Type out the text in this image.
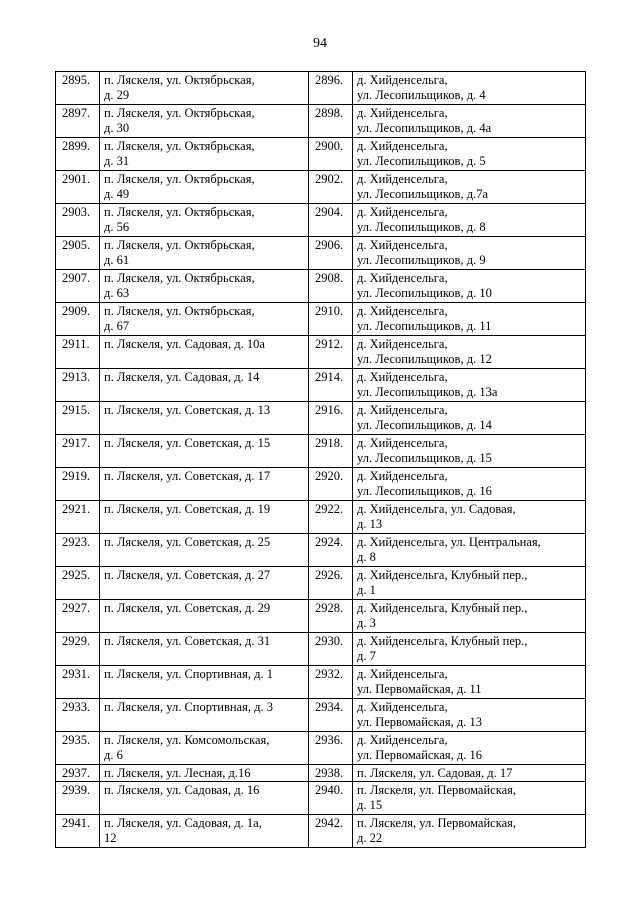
94
2895.	п. Ляскеля, ул. Октябрьская,
д. 29	2896.	д. Хийденсельга,
ул. Лесопильщиков, д. 4
2897.	п. Ляскеля, ул. Октябрьская,
д. 30	2898.	д. Хийденсельга,
ул. Лесопильщиков, д. 4а
2899.	п. Ляскеля, ул. Октябрьская,
д. 31	2900.	д. Хийденсельга,
ул. Лесопильщиков, д. 5
2901.	п. Ляскеля, ул. Октябрьская,
д. 49	2902.	д. Хийденсельга,
ул. Лесопильщиков, д.7а
2903.	п. Ляскеля, ул. Октябрьская,
д. 56	2904.	д. Хийденсельга,
ул. Лесопильщиков, д. 8
2905.	п. Ляскеля, ул. Октябрьская,
д. 61	2906.	д. Хийденсельга,
ул. Лесопильщиков, д. 9
2907.	п. Ляскеля, ул. Октябрьская,
д. 63	2908.	д. Хийденсельга,
ул. Лесопильщиков, д. 10
2909.	п. Ляскеля, ул. Октябрьская,
д. 67	2910.	д. Хийденсельга,
ул. Лесопильщиков, д. 11
2911.	п. Ляскеля, ул. Садовая, д. 10а	2912.	д. Хийденсельга,
ул. Лесопильщиков, д. 12
2913.	п. Ляскеля, ул. Садовая, д. 14	2914.	д. Хийденсельга,
ул. Лесопильщиков, д. 13а
2915.	п. Ляскеля, ул. Советская, д. 13	2916.	д. Хийденсельга,
ул. Лесопильщиков, д. 14
2917.	п. Ляскеля, ул. Советская, д. 15	2918.	д. Хийденсельга,
ул. Лесопильщиков, д. 15
2919.	п. Ляскеля, ул. Советская, д. 17	2920.	д. Хийденсельга,
ул. Лесопильщиков, д. 16
2921.	п. Ляскеля, ул. Советская, д. 19	2922.	д. Хийденсельга, ул. Садовая,
д. 13
2923.	п. Ляскеля, ул. Советская, д. 25	2924.	д. Хийденсельга, ул. Центральная,
д. 8
2925.	п. Ляскеля, ул. Советская, д. 27	2926.	д. Хийденсельга, Клубный пер.,
д. 1
2927.	п. Ляскеля, ул. Советская, д. 29	2928.	д. Хийденсельга, Клубный пер.,
д. 3
2929.	п. Ляскеля, ул. Советская, д. 31	2930.	д. Хийденсельга, Клубный пер.,
д. 7
2931.	п. Ляскеля, ул. Спортивная, д. 1	2932.	д. Хийденсельга,
ул. Первомайская, д. 11
2933.	п. Ляскеля, ул. Спортивная, д. 3	2934.	д. Хийденсельга,
ул. Первомайская, д. 13
2935.	п. Ляскеля, ул. Комсомольская,
д. 6	2936.	д. Хийденсельга,
ул. Первомайская, д. 16
2937.	п. Ляскеля, ул. Лесная, д.16	2938.	п. Ляскеля, ул. Садовая, д. 17
2939.	п. Ляскеля, ул. Садовая, д. 16	2940.	п. Ляскеля, ул. Первомайская,
д. 15
2941.	п. Ляскеля, ул. Садовая, д. 1а,
12	2942.	п. Ляскеля, ул. Первомайская,
д. 22
